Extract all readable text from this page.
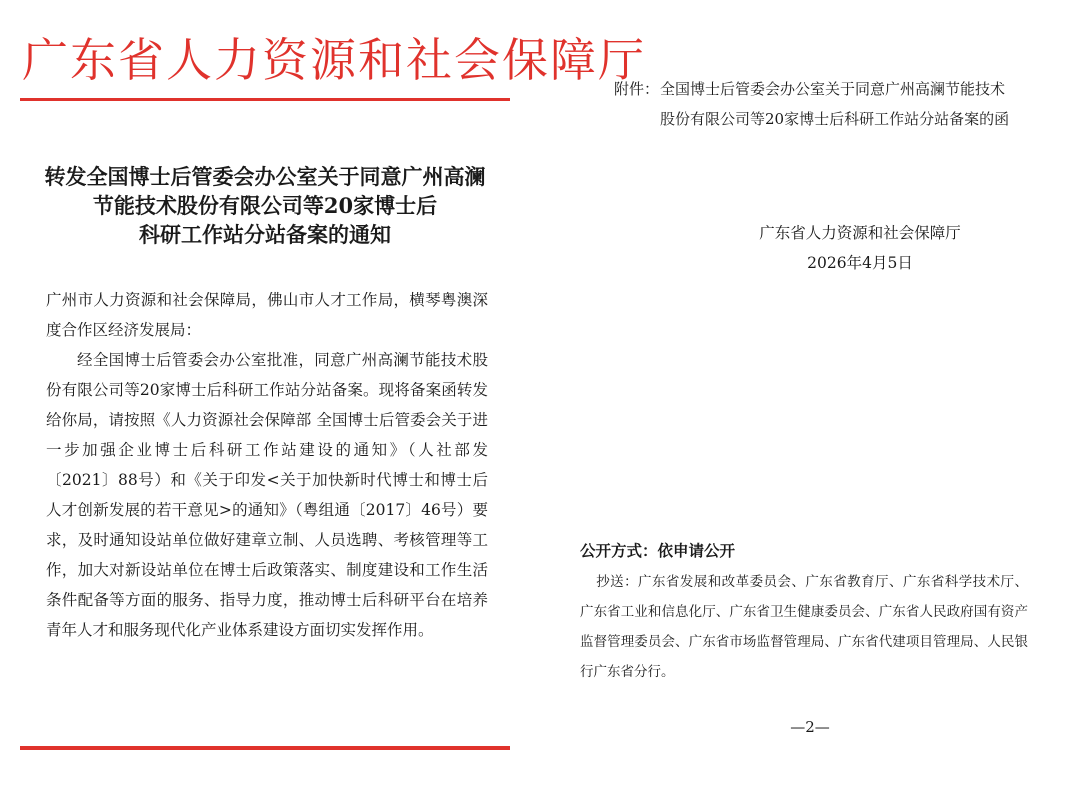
广东省人力资源和社会保障厅
转发全国博士后管委会办公室关于同意广州高澜
节能技术股份有限公司等20家博士后
科研工作站分站备案的通知
广州市人力资源和社会保障局，佛山市人才工作局，横琴粤澳深度合作区经济发展局：
经全国博士后管委会办公室批准，同意广州高澜节能技术股份有限公司等20家博士后科研工作站分站备案。现将备案函转发给你局，请按照《人力资源社会保障部 全国博士后管委会关于进一步加强企业博士后科研工作站建设的通知》（人社部发〔2021〕88号）和《关于印发<关于加快新时代博士和博士后人才创新发展的若干意见>的通知》（粤组通〔2017〕46号）要求，及时通知设站单位做好建章立制、人员选聘、考核管理等工作，加大对新设站单位在博士后政策落实、制度建设和工作生活条件配备等方面的服务、指导力度，推动博士后科研平台在培养青年人才和服务现代化产业体系建设方面切实发挥作用。
附件： 全国博士后管委会办公室关于同意广州高澜节能技术
股份有限公司等20家博士后科研工作站分站备案的函
广东省人力资源和社会保障厅
2026年4月5日
公开方式：依申请公开
抄送：广东省发展和改革委员会、广东省教育厅、广东省科学技术厅、广东省工业和信息化厅、广东省卫生健康委员会、广东省人民政府国有资产监督管理委员会、广东省市场监督管理局、广东省代建项目管理局、人民银行广东省分行。
—2—
